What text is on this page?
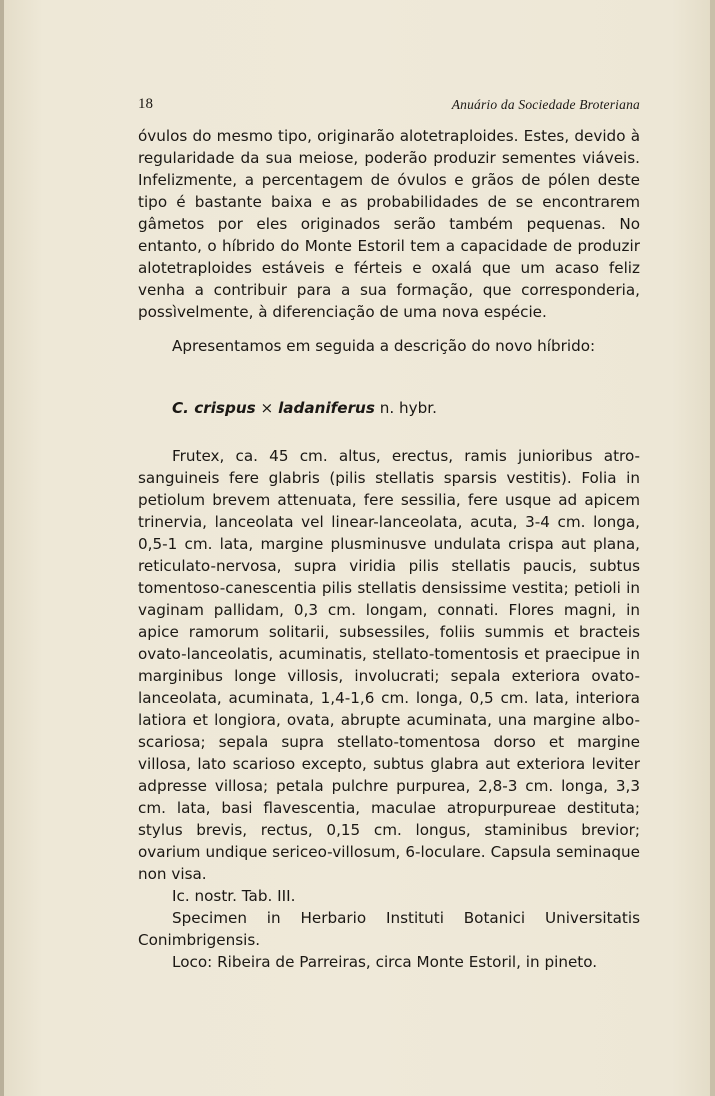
18	Anuário da Sociedade Broteriana

óvulos do mesmo tipo, originarão alotetraploides. Estes, devido à regularidade da sua meiose, poderão produzir sementes viáveis. Infelizmente, a percentagem de óvulos e grãos de pólen deste tipo é bastante baixa e as probabilidades de se encontrarem gâmetos por eles originados serão também pequenas. No entanto, o híbrido do Monte Estoril tem a capacidade de produzir alotetraploides estáveis e férteis e oxalá que um acaso feliz venha a contribuir para a sua formação, que corresponderia, possìvelmente, à diferenciação de uma nova espécie.

Apresentamos em seguida a descrição do novo híbrido:

C. crispus × ladaniferus n. hybr.

Frutex, ca. 45 cm. altus, erectus, ramis junioribus atro-sanguineis fere glabris (pilis stellatis sparsis vestitis). Folia in petiolum brevem attenuata, fere sessilia, fere usque ad apicem trinervia, lanceolata vel linear-lanceolata, acuta, 3-4 cm. longa, 0,5-1 cm. lata, margine plusminusve undulata crispa aut plana, reticulato-nervosa, supra viridia pilis stellatis paucis, subtus tomentoso-canescentia pilis stellatis densissime vestita; petioli in vaginam pallidam, 0,3 cm. longam, connati. Flores magni, in apice ramorum solitarii, subsessiles, foliis summis et bracteis ovato-lanceolatis, acuminatis, stellato-tomentosis et praecipue in marginibus longe villosis, involucrati; sepala exteriora ovato-lanceolata, acuminata, 1,4-1,6 cm. longa, 0,5 cm. lata, interiora latiora et longiora, ovata, abrupte acuminata, una margine albo-scariosa; sepala supra stellato-tomentosa dorso et margine villosa, lato scarioso excepto, subtus glabra aut exteriora leviter adpresse villosa; petala pulchre purpurea, 2,8-3 cm. longa, 3,3 cm. lata, basi flavescentia, maculae atropurpureae destituta; stylus brevis, rectus, 0,15 cm. longus, staminibus brevior; ovarium undique sericeo-villosum, 6-loculare. Capsula seminaque non visa.

Ic. nostr. Tab. III.

Specimen in Herbario Instituti Botanici Universitatis Conimbrigensis.

Loco: Ribeira de Parreiras, circa Monte Estoril, in pineto.
